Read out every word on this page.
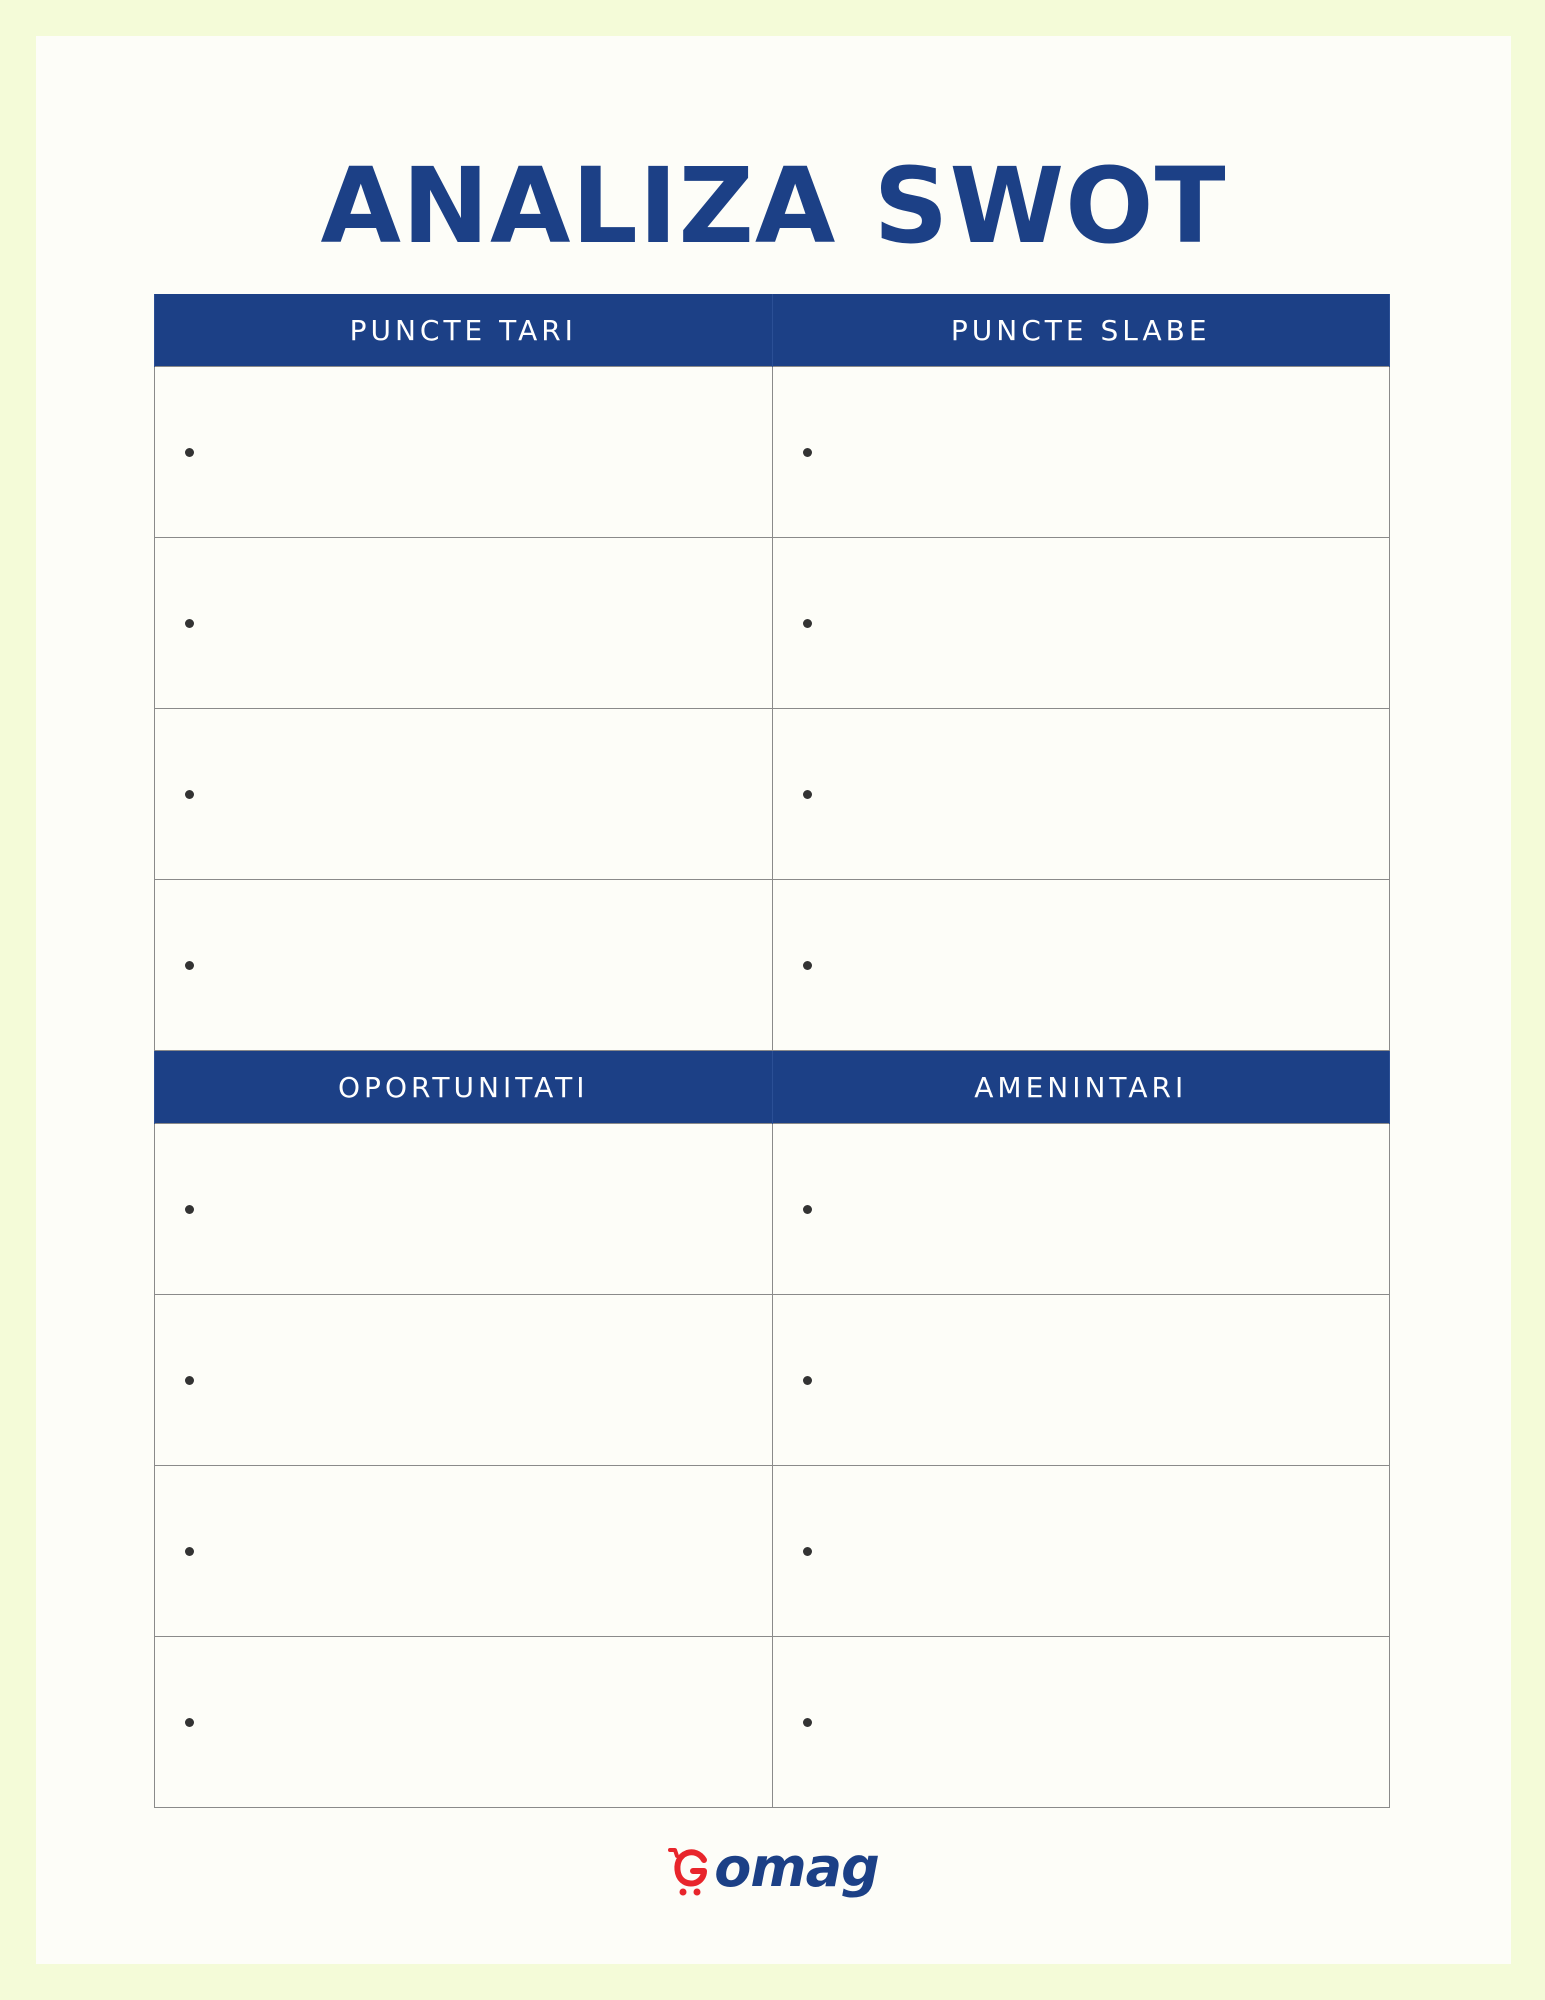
ANALIZA SWOT
PUNCTE TARI	PUNCTE SLABE

OPORTUNITATI	AMENINTARI

omag
